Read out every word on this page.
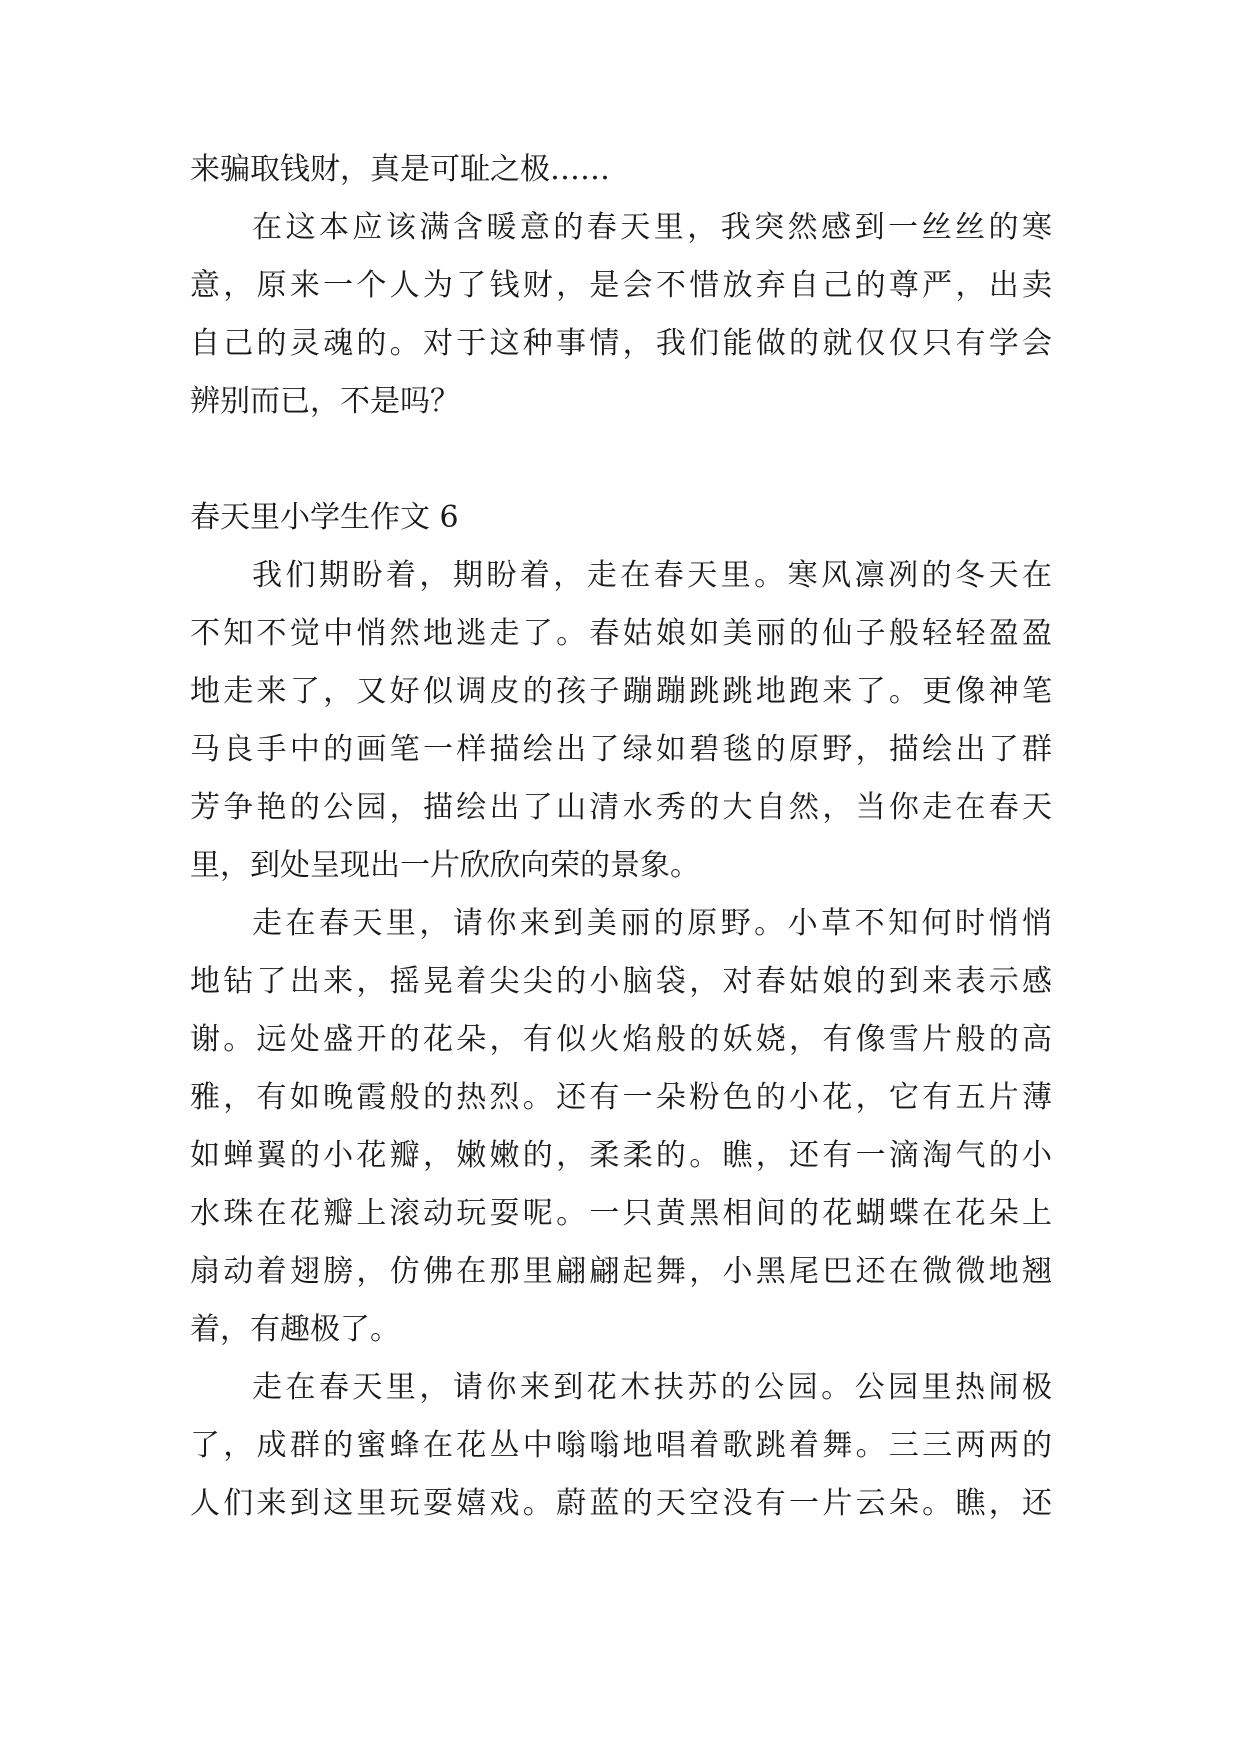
来骗取钱财，真是可耻之极……
在这本应该满含暖意的春天里，我突然感到一丝丝的寒
意，原来一个人为了钱财，是会不惜放弃自己的尊严，出卖
自己的灵魂的。对于这种事情，我们能做的就仅仅只有学会
辨别而已，不是吗？
春天里小学生作文 6
我们期盼着，期盼着，走在春天里。寒风凛冽的冬天在
不知不觉中悄然地逃走了。春姑娘如美丽的仙子般轻轻盈盈
地走来了，又好似调皮的孩子蹦蹦跳跳地跑来了。更像神笔
马良手中的画笔一样描绘出了绿如碧毯的原野，描绘出了群
芳争艳的公园，描绘出了山清水秀的大自然，当你走在春天
里，到处呈现出一片欣欣向荣的景象。
走在春天里，请你来到美丽的原野。小草不知何时悄悄
地钻了出来，摇晃着尖尖的小脑袋，对春姑娘的到来表示感
谢。远处盛开的花朵，有似火焰般的妖娆，有像雪片般的高
雅，有如晚霞般的热烈。还有一朵粉色的小花，它有五片薄
如蝉翼的小花瓣，嫩嫩的，柔柔的。瞧，还有一滴淘气的小
水珠在花瓣上滚动玩耍呢。一只黄黑相间的花蝴蝶在花朵上
扇动着翅膀，仿佛在那里翩翩起舞，小黑尾巴还在微微地翘
着，有趣极了。
走在春天里，请你来到花木扶苏的公园。公园里热闹极
了，成群的蜜蜂在花丛中嗡嗡地唱着歌跳着舞。三三两两的
人们来到这里玩耍嬉戏。蔚蓝的天空没有一片云朵。瞧，还
